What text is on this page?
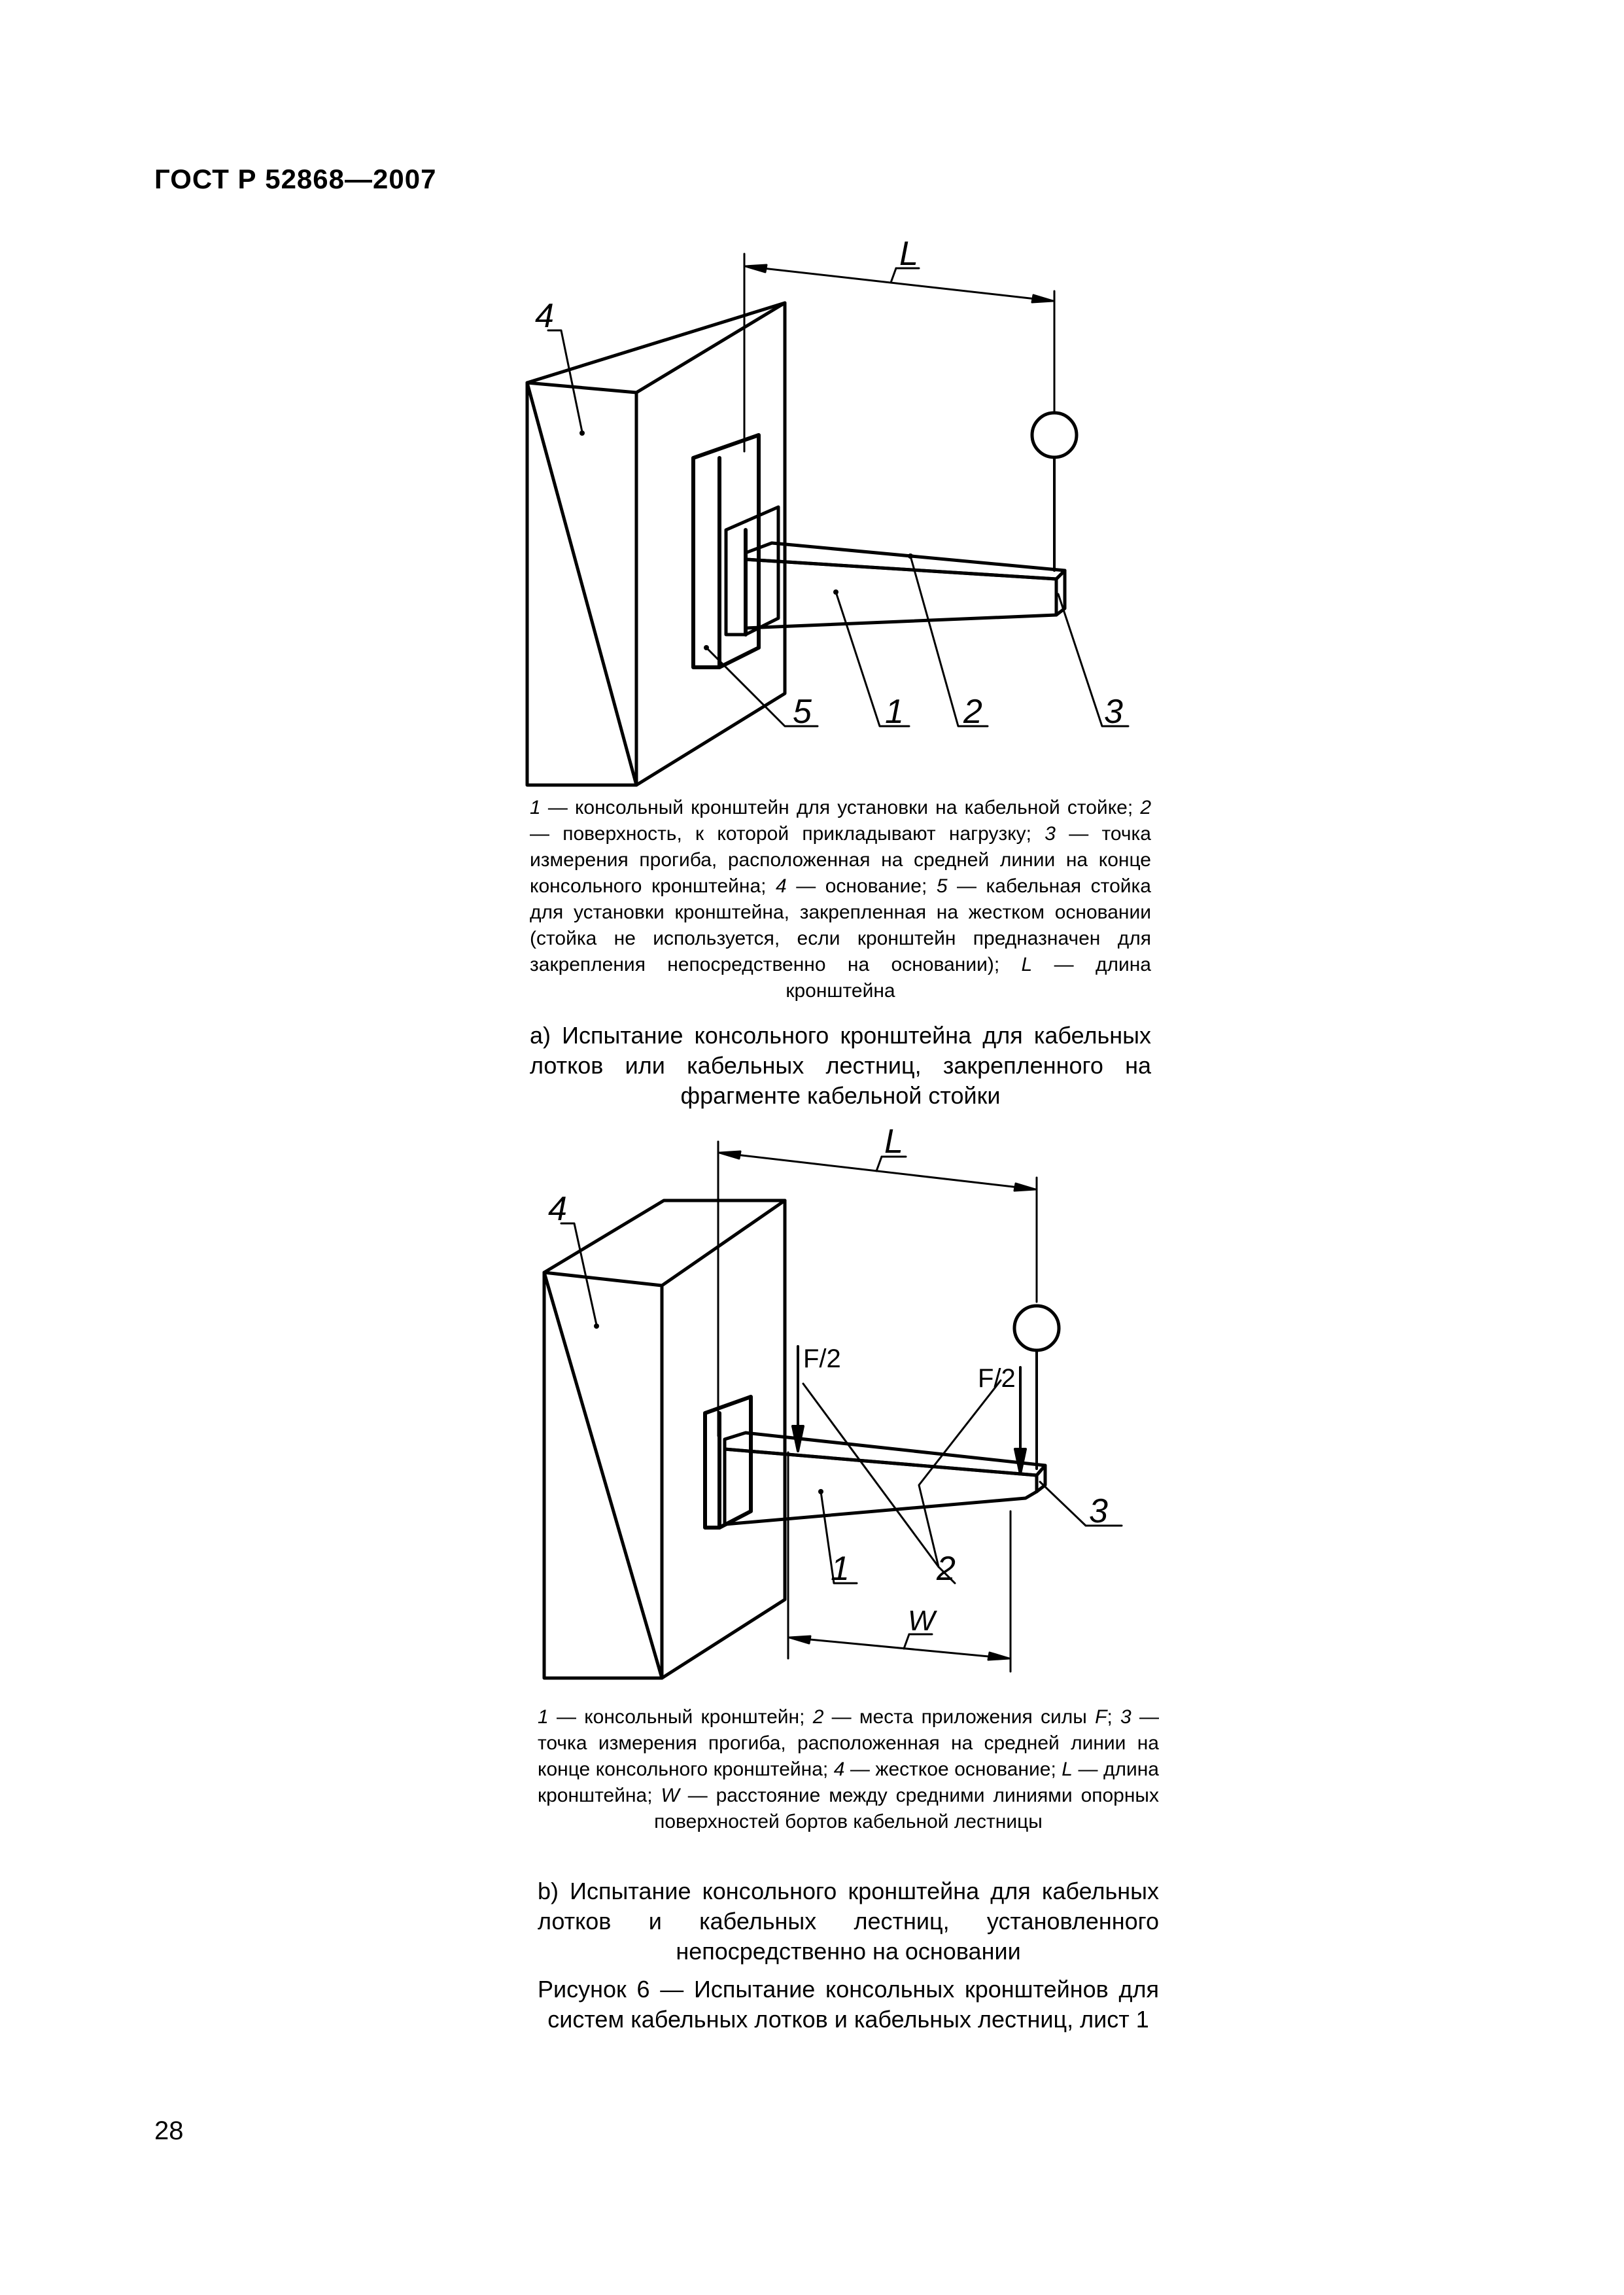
ГОСТ Р 52868—2007
L
4
5 1 2	3
L
4
1	2
3
W
F/2
F/2
1 — консольный кронштейн для установки на кабельной стойке; 2 — поверхность, к которой прикладывают нагрузку; 3 — точка измерения прогиба, расположенная на средней линии на конце консольного кронштейна; 4 — основание; 5 — кабельная стойка для установки кронштейна, закрепленная на жестком основании (стойка не используется, если кронштейн предназначен для закрепления непосредственно на основании); L — длина кронштейна
а) Испытание консольного кронштейна для кабельных лотков или кабельных лестниц, закрепленного на фрагменте кабельной стойки
1 — консольный кронштейн; 2 — места приложения силы F; 3 — точка измерения прогиба, расположенная на средней линии на конце консольного кронштейна; 4 — жесткое основание; L — длина кронштейна; W — расстояние между средними линиями опорных поверхностей бортов кабельной лестницы
b) Испытание консольного кронштейна для кабельных лотков и кабельных лестниц, установленного непосредственно на основании
Рисунок 6 — Испытание консольных кронштейнов для систем кабельных лотков и кабельных лестниц, лист 1
28
